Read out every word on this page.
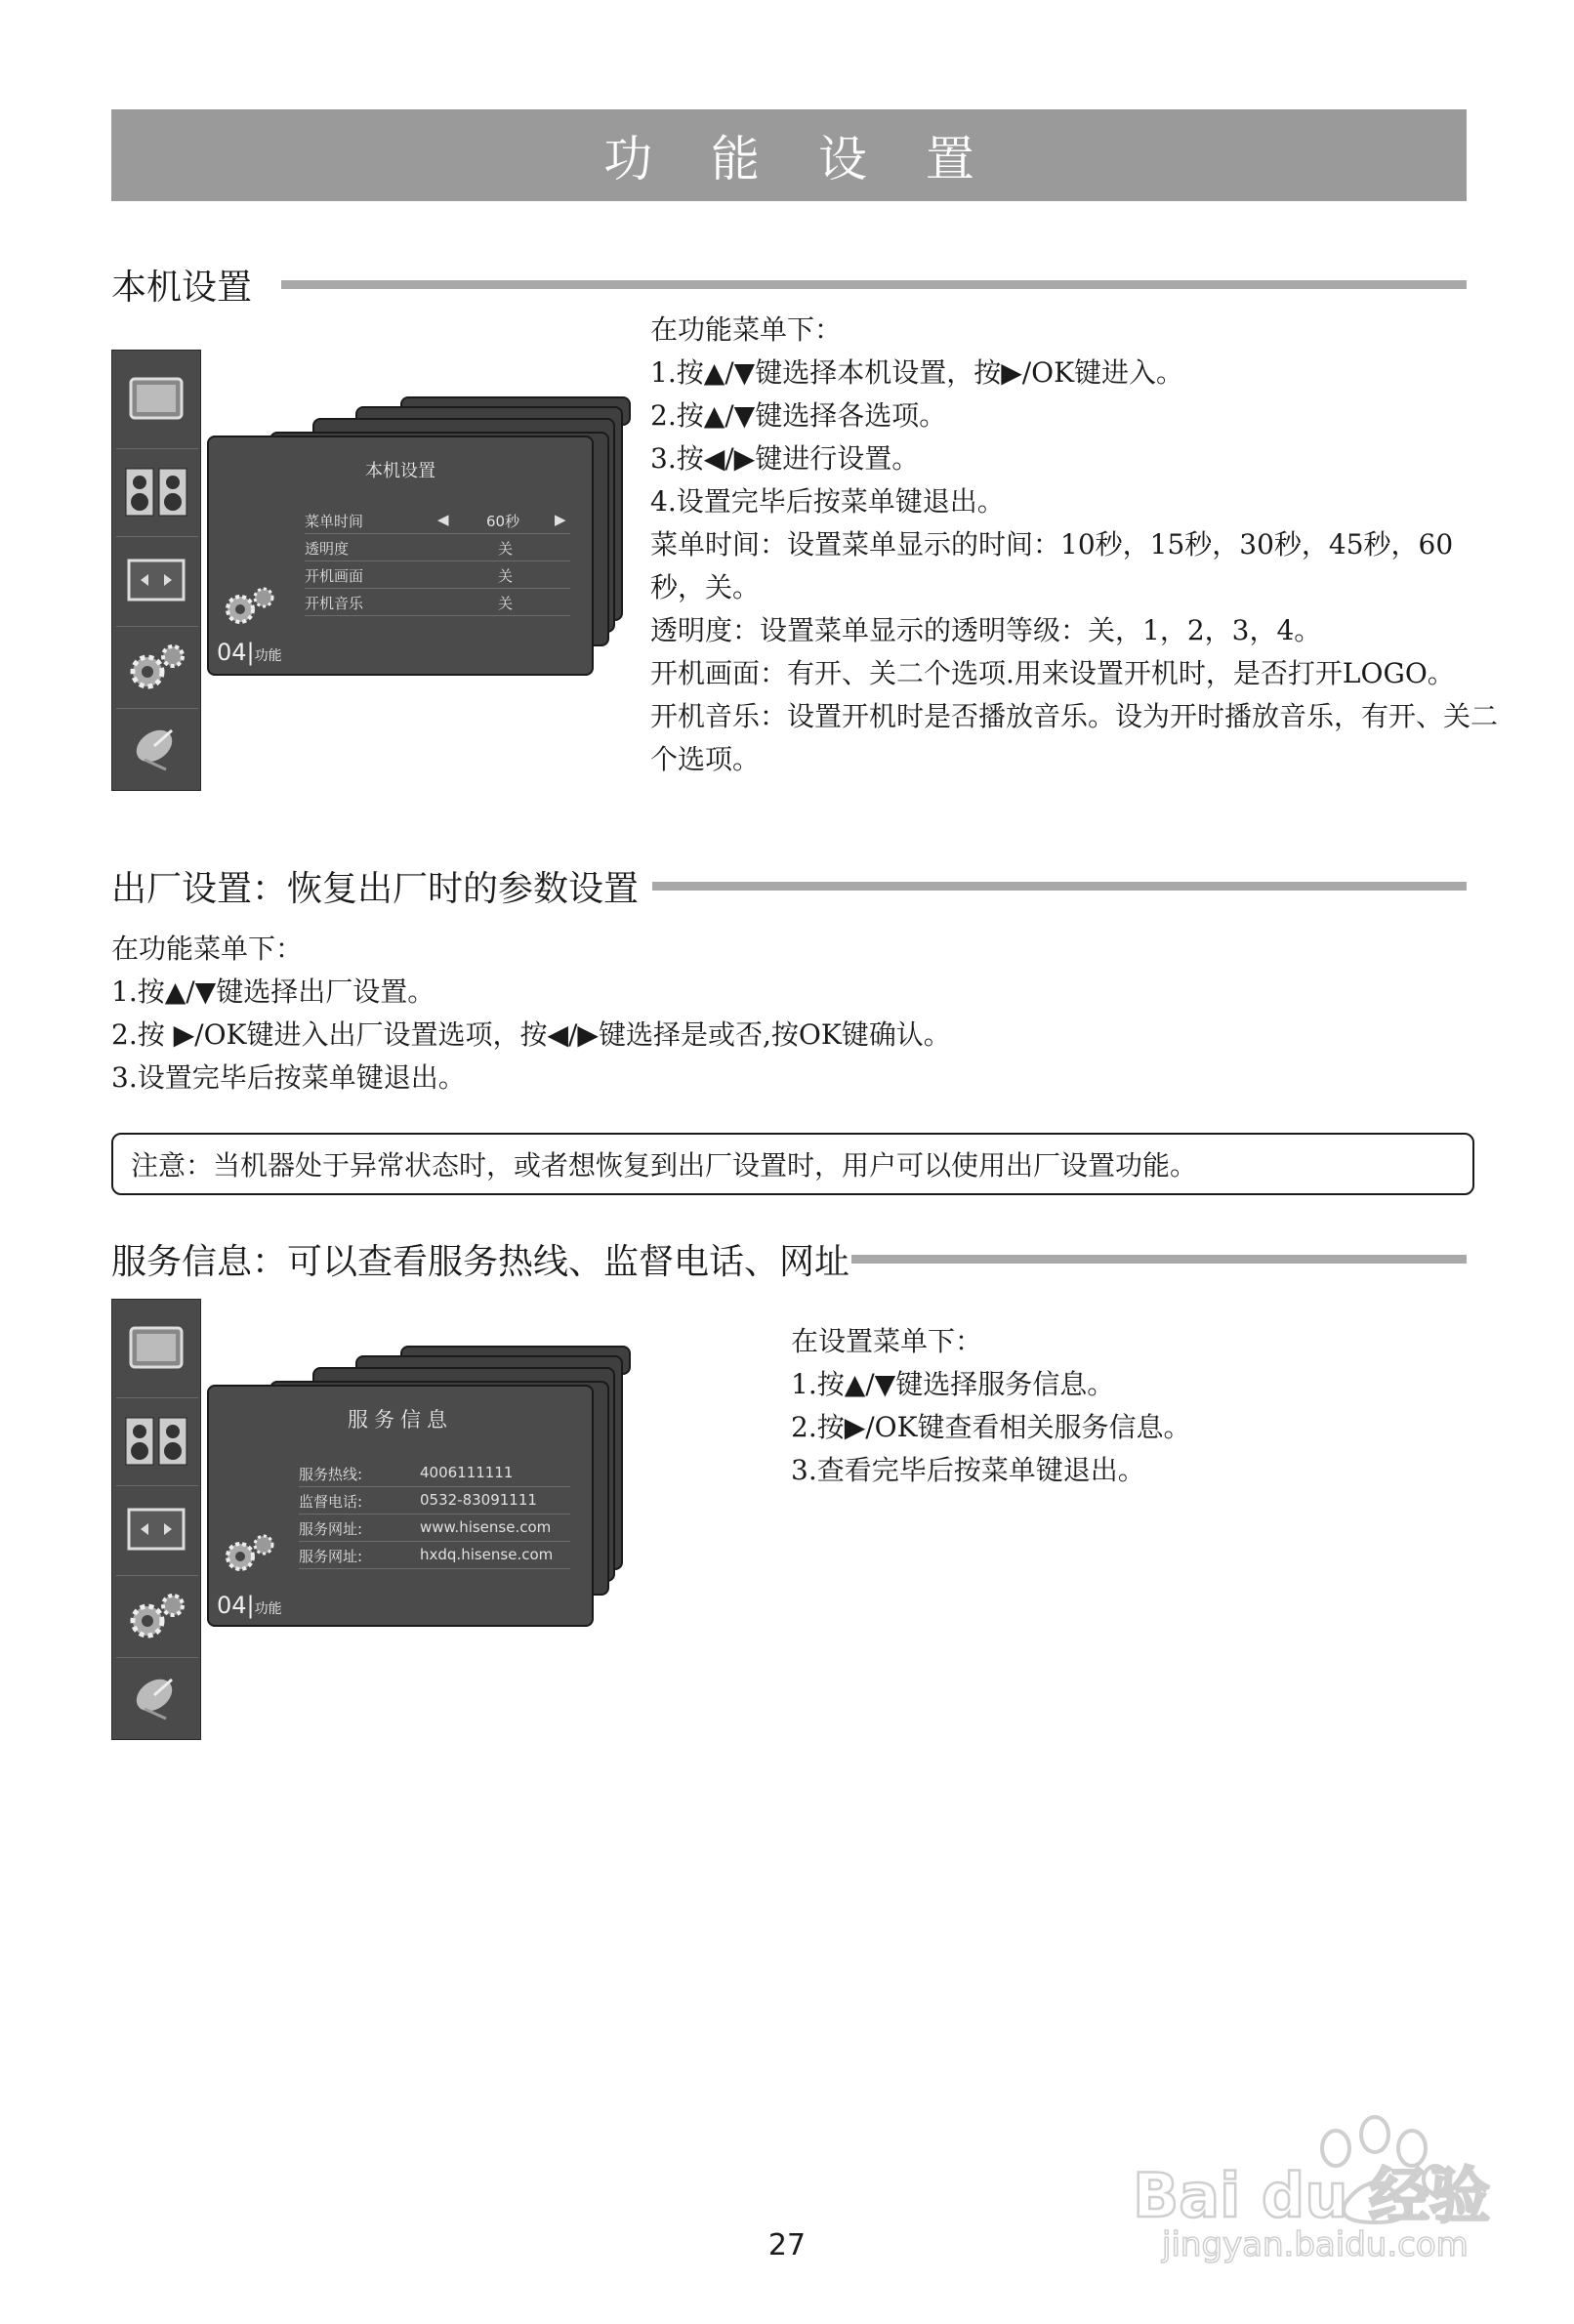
功 能 设 置
本机设置
本机设置
菜单时间	◀	60秒 ▶
透明度	关
开机画面	关
开机音乐	关
04|功能

在功能菜单下：

1.按▲/▼键选择本机设置，按▶/OK键进入。

2.按▲/▼键选择各选项。

3.按◀/▶键进行设置。

4.设置完毕后按菜单键退出。

菜单时间：设置菜单显示的时间：10秒，15秒，30秒，45秒，60秒，关。

透明度：设置菜单显示的透明等级：关，1，2，3，4。

开机画面：有开、关二个选项.用来设置开机时，是否打开LOGO。

开机音乐：设置开机时是否播放音乐。设为开时播放音乐，有开、关二个选项。

出厂设置：恢复出厂时的参数设置

在功能菜单下：

1.按▲/▼键选择出厂设置。

2.按 ▶/OK键进入出厂设置选项，按◀/▶键选择是或否,按OK键确认。

3.设置完毕后按菜单键退出。

注意：当机器处于异常状态时，或者想恢复到出厂设置时，用户可以使用出厂设置功能。
服务信息：可以查看服务热线、监督电话、网址
服务信息
服务热线:	4006111111
监督电话:	0532-83091111
服务网址:	www.hisense.com
服务网址:	hxdq.hisense.com
04|功能

在设置菜单下：

1.按▲/▼键选择服务信息。

2.按▶/OK键查看相关服务信息。

3.查看完毕后按菜单键退出。

Bai du 经验
jingyan.baidu.com
27
